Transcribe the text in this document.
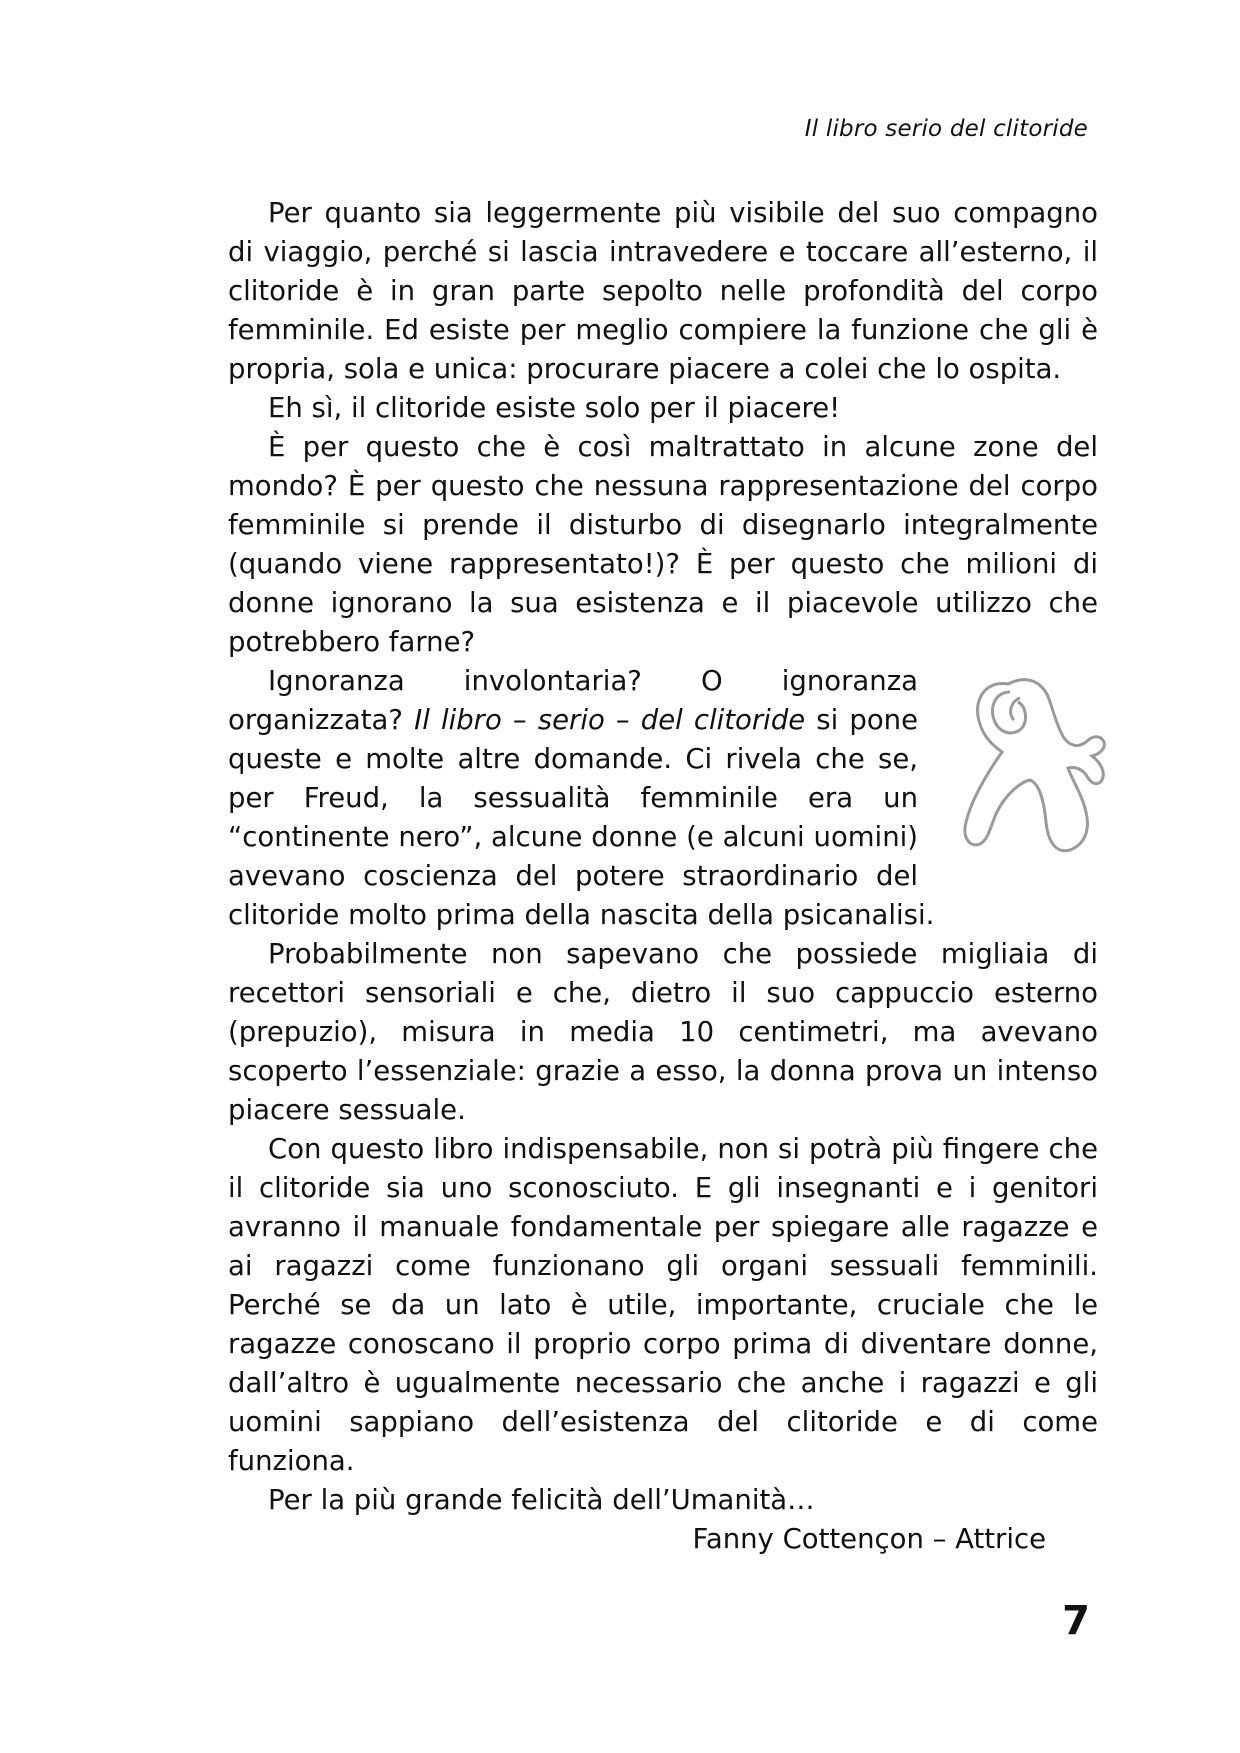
Il libro serio del clitoride

Per quanto sia leggermente più visibile del suo compagno di viaggio, perché si lascia intravedere e toccare all’esterno, il clitoride è in gran parte sepolto nelle profondità del corpo femminile. Ed esiste per meglio compiere la funzione che gli è propria, sola e unica: procurare piacere a colei che lo ospita.

Eh sì, il clitoride esiste solo per il piacere!

È per questo che è così maltrattato in alcune zone del mondo? È per questo che nessuna rappresentazione del corpo femminile si prende il disturbo di disegnarlo integralmente (quando viene rappresentato!)? È per questo che milioni di donne ignorano la sua esistenza e il piacevole utilizzo che potrebbero farne?

Ignoranza involontaria? O ignoranza organizzata? Il libro – serio – del clitoride si pone queste e molte altre domande. Ci rivela che se, per Freud, la sessualità femminile era un “continente nero”, alcune donne (e alcuni uomini) avevano coscienza del potere straordinario del clitoride molto prima della nascita della psicanalisi.

Probabilmente non sapevano che possiede migliaia di recettori sensoriali e che, dietro il suo cappuccio esterno (prepuzio), misura in media 10 centimetri, ma avevano scoperto l’essenziale: grazie a esso, la donna prova un intenso piacere sessuale.

Con questo libro indispensabile, non si potrà più fingere che il clitoride sia uno sconosciuto. E gli insegnanti e i genitori avranno il manuale fondamentale per spiegare alle ragazze e ai ragazzi come funzionano gli organi sessuali femminili. Perché se da un lato è utile, importante, cruciale che le ragazze conoscano il proprio corpo prima di diventare donne, dall’altro è ugualmente necessario che anche i ragazzi e gli uomini sappiano dell’esistenza del clitoride e di come funziona.

Per la più grande felicità dell’Umanità…

Fanny Cottençon – Attrice
7
